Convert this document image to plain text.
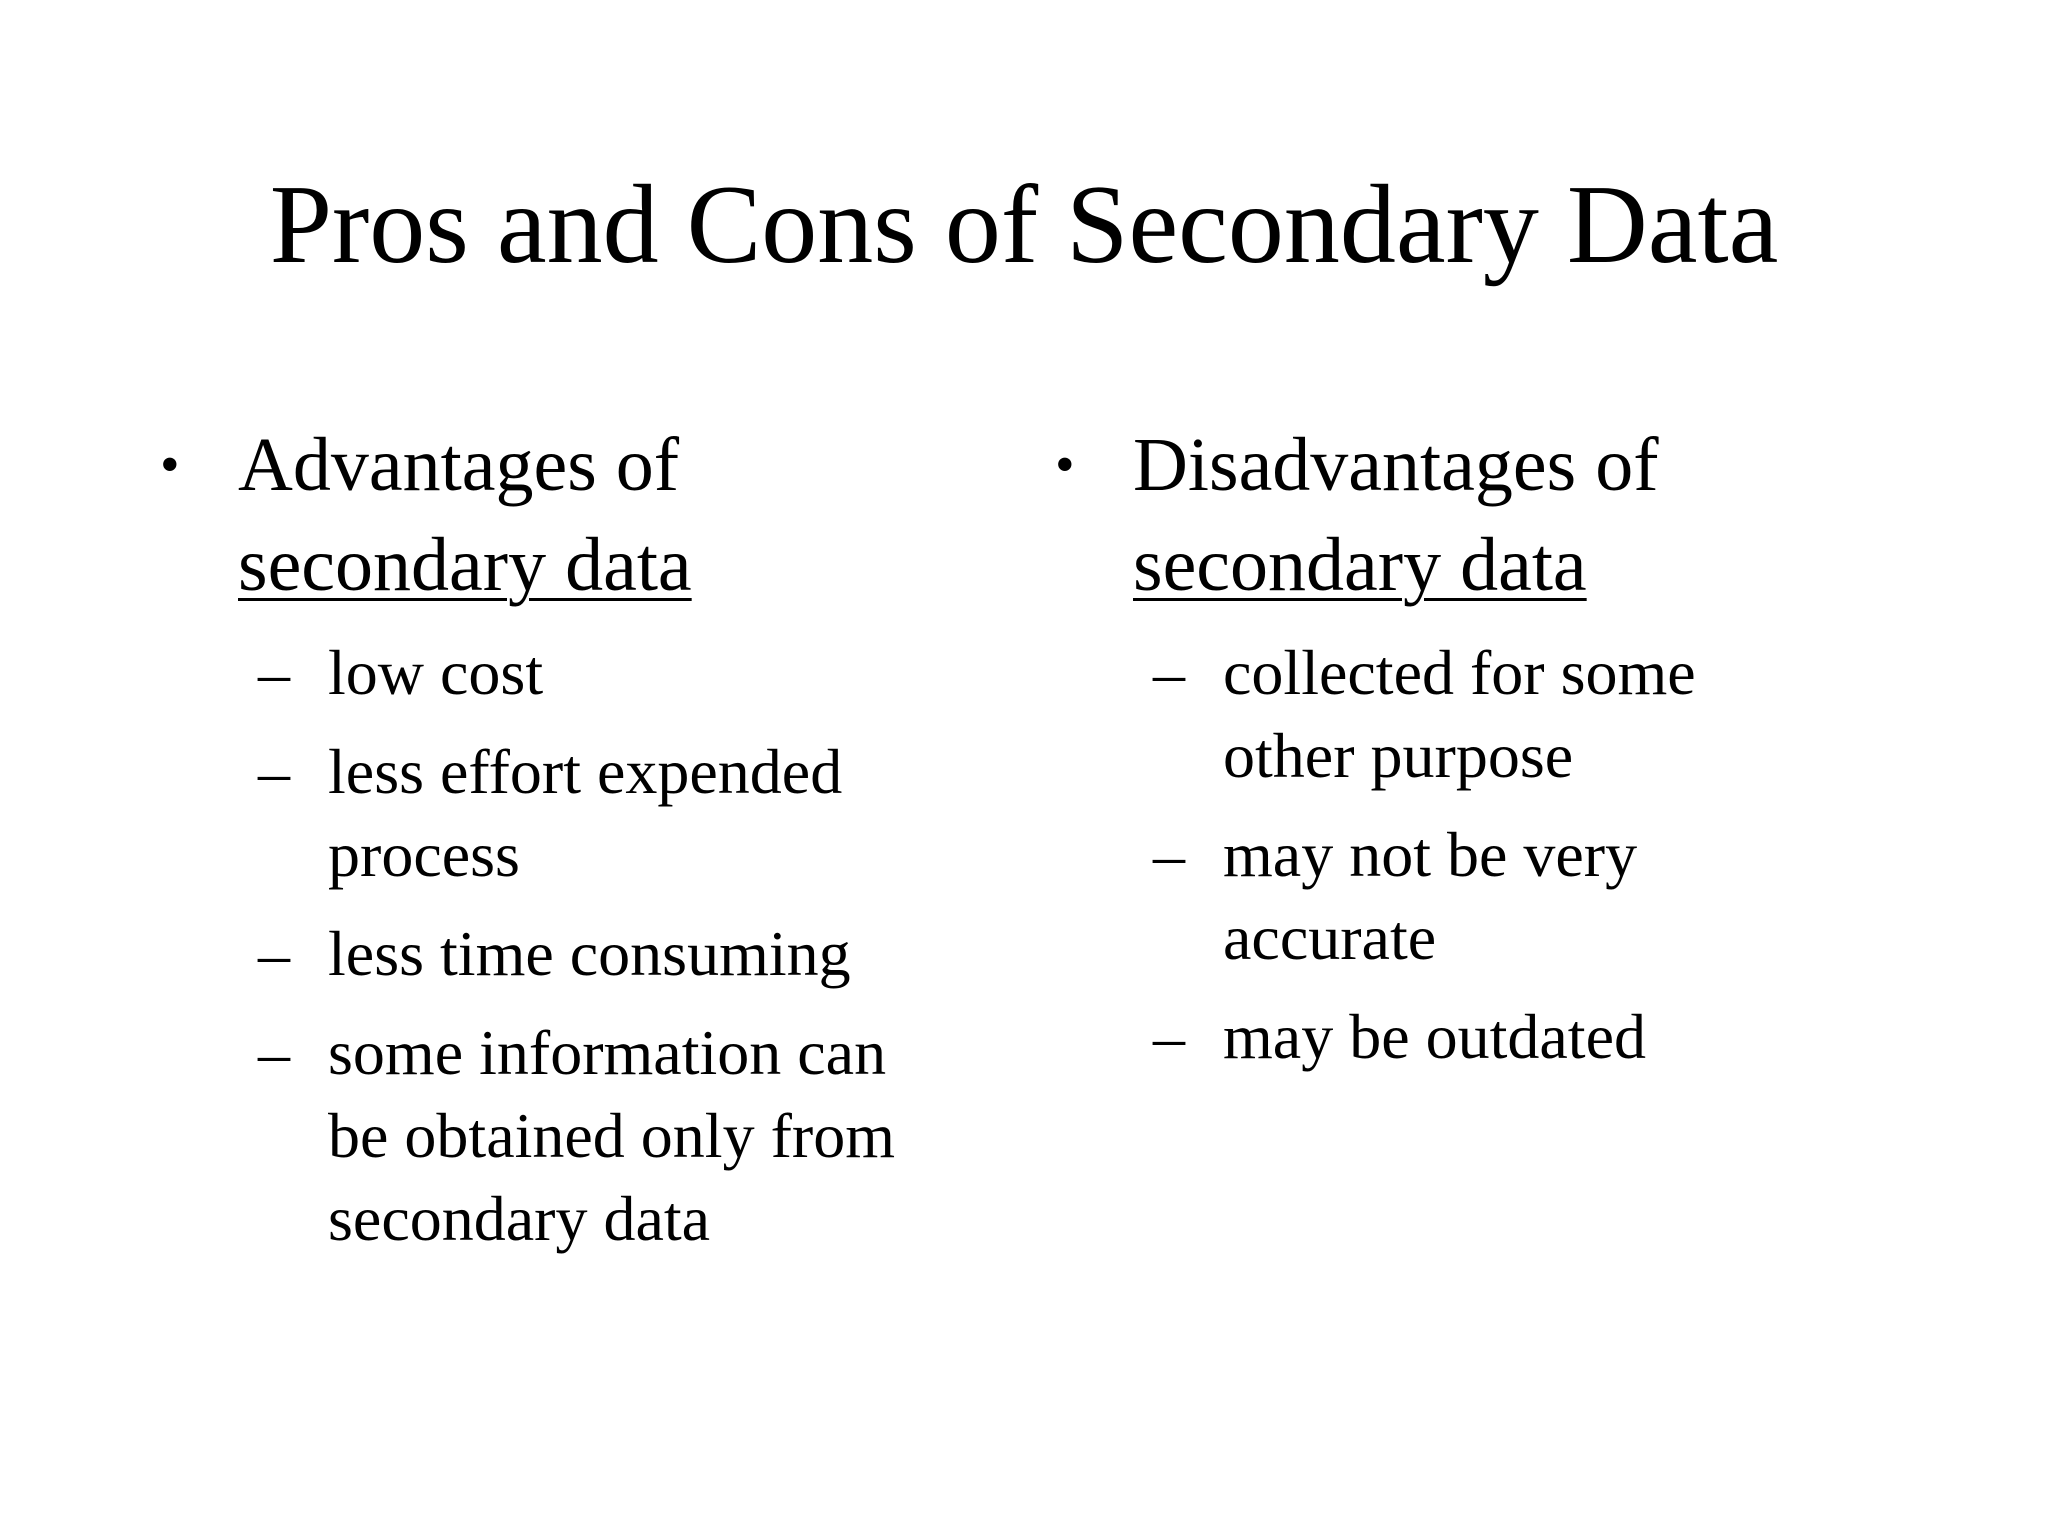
Pros and Cons of Secondary Data
• Advantages of
secondary data
– low cost
– less effort expended process
– less time consuming
– some information can be obtained only from secondary data
• Disadvantages of
secondary data
– collected for some other purpose
– may not be very accurate
– may be outdated
